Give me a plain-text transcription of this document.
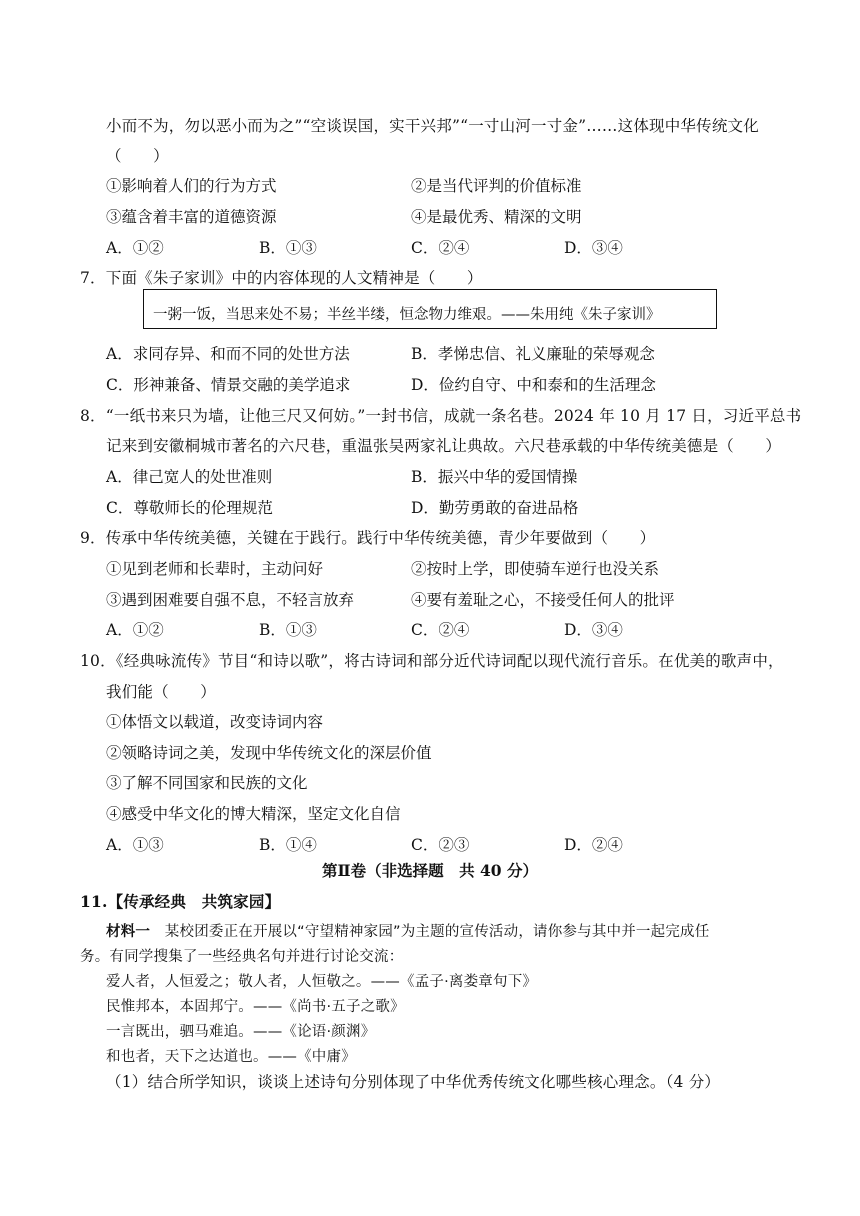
小而不为，勿以恶小而为之”“空谈误国，实干兴邦”“一寸山河一寸金”……这体现中华传统文化
（　　）
①影响着人们的行为方式	②是当代评判的价值标准
③蕴含着丰富的道德资源	④是最优秀、精深的文明
A．①②	B．①③	C．②④	D．③④
7．下面《朱子家训》中的内容体现的人文精神是（　　）
一粥一饭，当思来处不易；半丝半缕，恒念物力维艰。——朱用纯《朱子家训》
A．求同存异、和而不同的处世方法	B．孝悌忠信、礼义廉耻的荣辱观念
C．形神兼备、情景交融的美学追求	D．俭约自守、中和泰和的生活理念
8．“一纸书来只为墙，让他三尺又何妨。”一封书信，成就一条名巷。2024 年 10 月 17 日，习近平总书
记来到安徽桐城市著名的六尺巷，重温张吴两家礼让典故。六尺巷承载的中华传统美德是（　　）
A．律己宽人的处世准则	B．振兴中华的爱国情操
C．尊敬师长的伦理规范	D．勤劳勇敢的奋进品格
9．传承中华传统美德，关键在于践行。践行中华传统美德，青少年要做到（　　）
①见到老师和长辈时，主动问好	②按时上学，即使骑车逆行也没关系
③遇到困难要自强不息，不轻言放弃	④要有羞耻之心，不接受任何人的批评
A．①②	B．①③	C．②④	D．③④
10．《经典咏流传》节目“和诗以歌”，将古诗词和部分近代诗词配以现代流行音乐。在优美的歌声中，
我们能（　　）
①体悟文以载道，改变诗词内容
②领略诗词之美，发现中华传统文化的深层价值
③了解不同国家和民族的文化
④感受中华文化的博大精深，坚定文化自信
A．①③	B．①④	C．②③	D．②④
第Ⅱ卷（非选择题　共 40 分）
11.【传承经典　共筑家园】
材料一　某校团委正在开展以“守望精神家园”为主题的宣传活动，请你参与其中并一起完成任
务。有同学搜集了一些经典名句并进行讨论交流：
爱人者，人恒爱之；敬人者，人恒敬之。——《孟子·离娄章句下》
民惟邦本，本固邦宁。——《尚书·五子之歌》
一言既出，驷马难追。——《论语·颜渊》
和也者，天下之达道也。——《中庸》
（1）结合所学知识，谈谈上述诗句分别体现了中华优秀传统文化哪些核心理念。（4 分）
